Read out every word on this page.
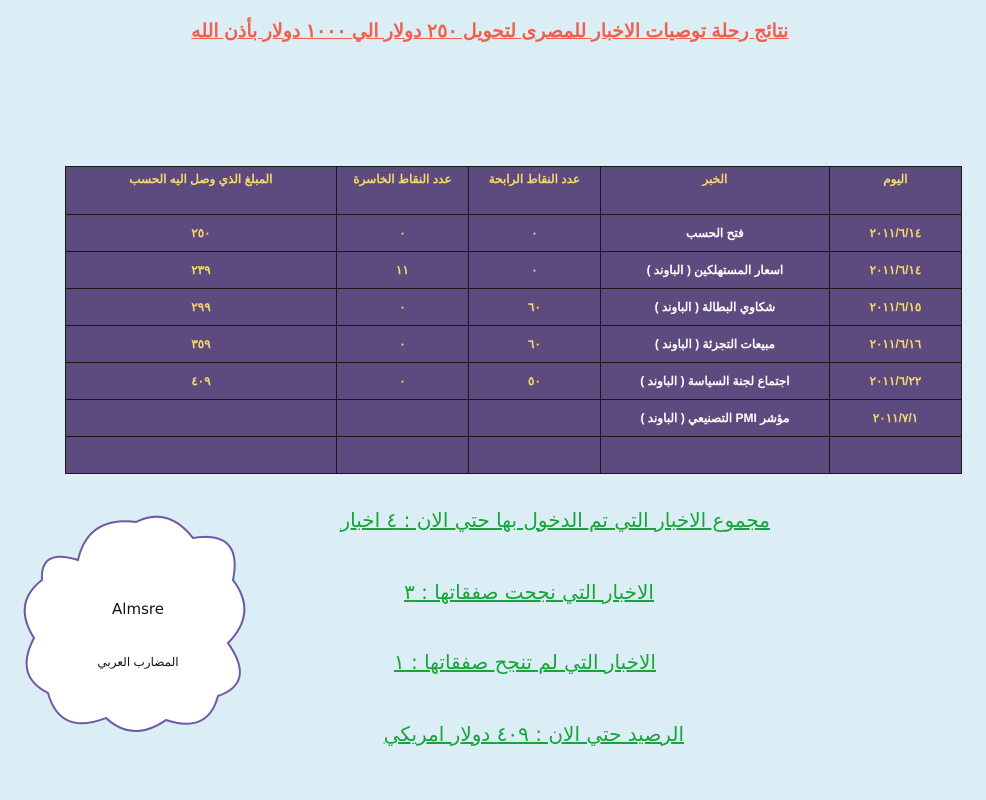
نتائج رحلة توصيات الاخبار للمصرى لتحويل ٢٥٠ دولار الي ١٠٠٠ دولار بأذن الله
اليوم	الخبر	عدد النقاط الرابحة	عدد النقاط الخاسرة	المبلغ الذي وصل اليه الحسب
٢٠١١/٦/١٤	فتح الحسب	٠	٠	٢٥٠
٢٠١١/٦/١٤	اسعار المستهلكين ( الباوند )	٠	١١	٢٣٩
٢٠١١/٦/١٥	شكاوي البطالة ( الباوند )	٦٠	٠	٢٩٩
٢٠١١/٦/١٦	مبيعات التجزئة ( الباوند )	٦٠	٠	٣٥٩
٢٠١١/٦/٢٢	اجتماع لجنة السياسة ( الباوند )	٥٠	٠	٤٠٩
٢٠١١/٧/١	مؤشر PMI التصنيعي ( الباوند )			

مجموع الاخبار التي تم الدخول بها حتي الان : ٤ اخبار
الاخبار التي نجحت صفقاتها : ٣
الاخبار التي لم تنجح صفقاتها : ١
الرصيد حتي الان : ٤٠٩ دولار امريكي
Almsre
المضارب العربي
